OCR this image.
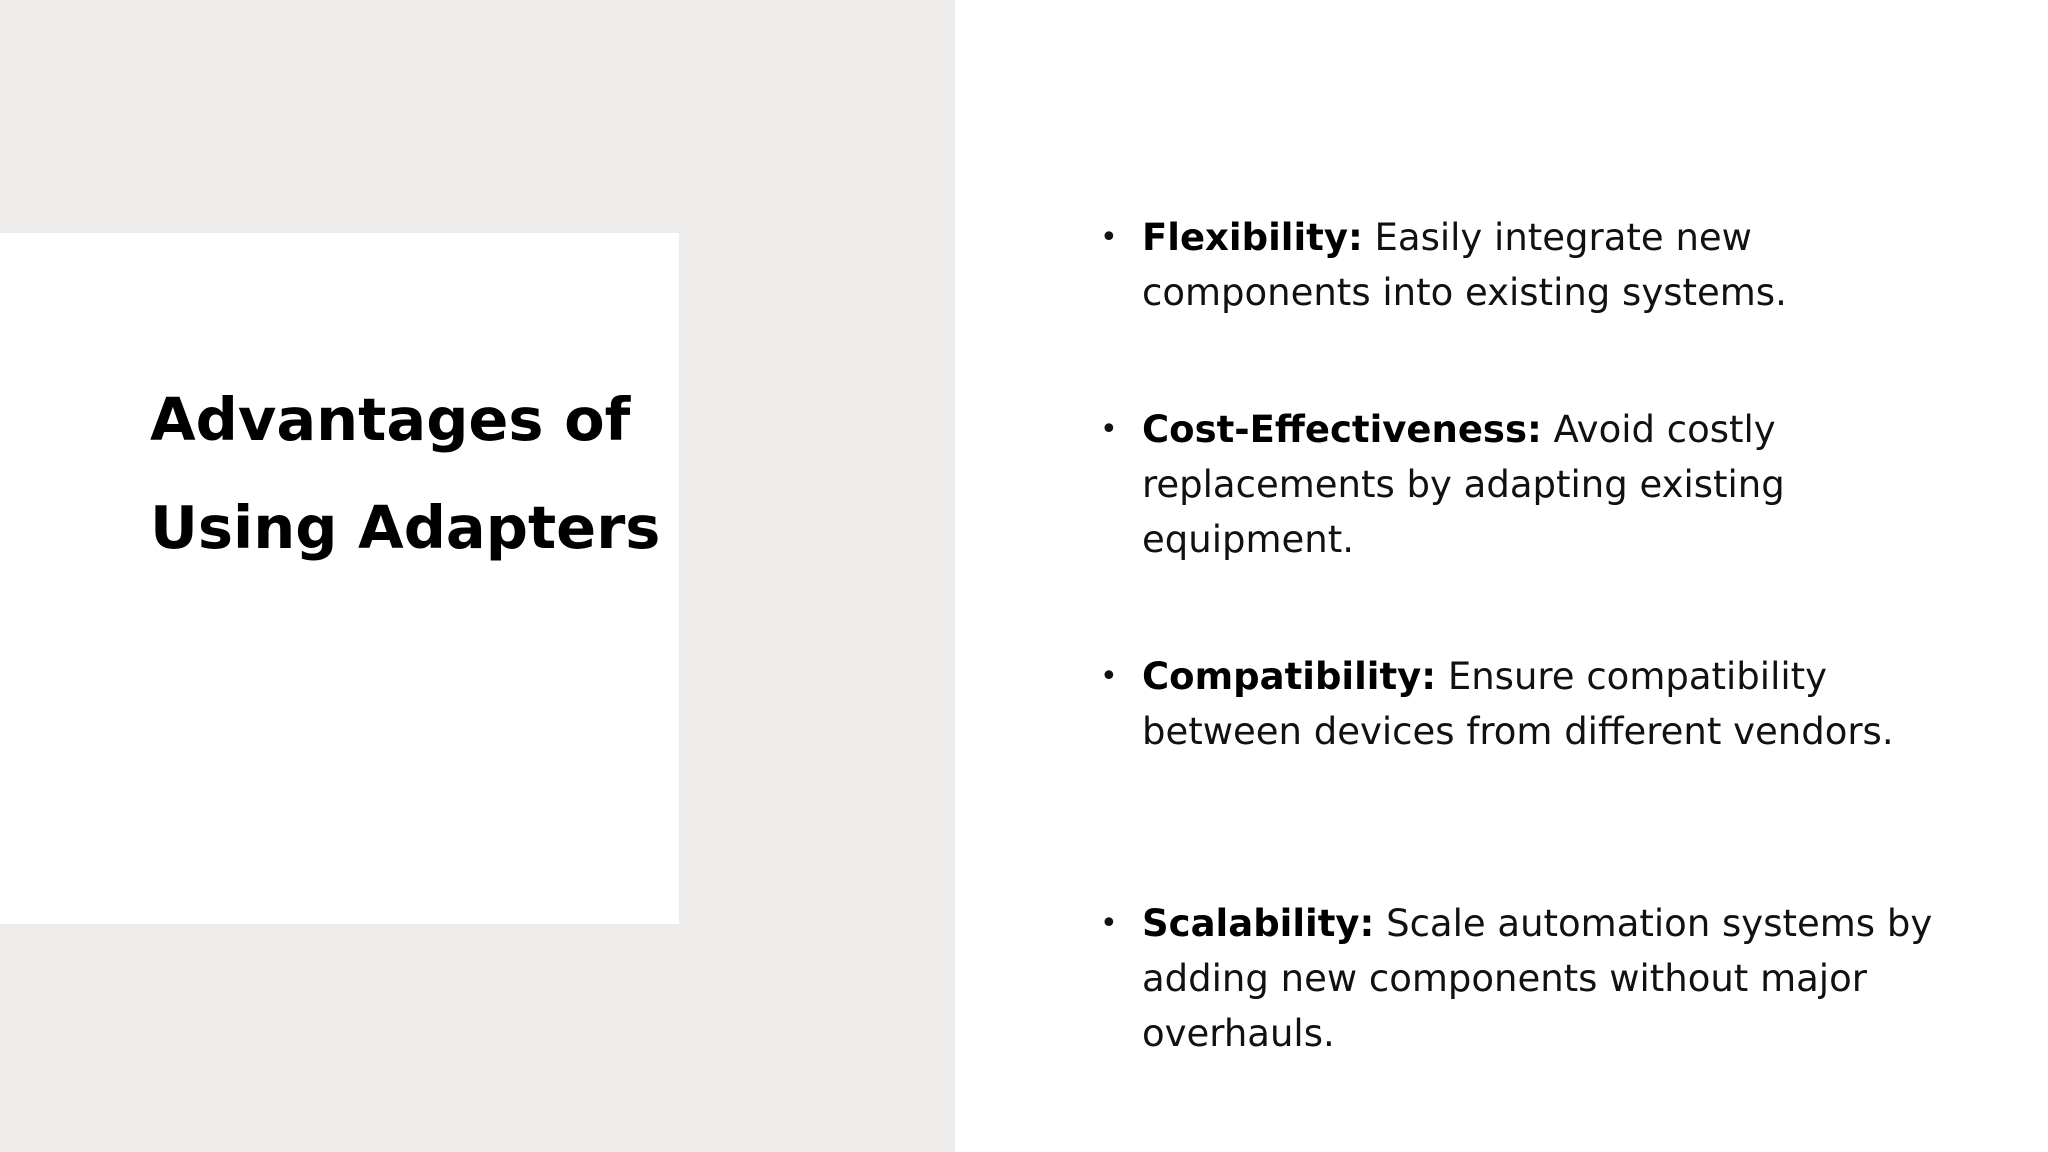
Advantages of Using Adapters
• Flexibility: Easily integrate new components into existing systems.
• Cost-Effectiveness: Avoid costly replacements by adapting existing equipment.
• Compatibility: Ensure compatibility between devices from different vendors.
• Scalability: Scale automation systems by adding new components without major overhauls.
